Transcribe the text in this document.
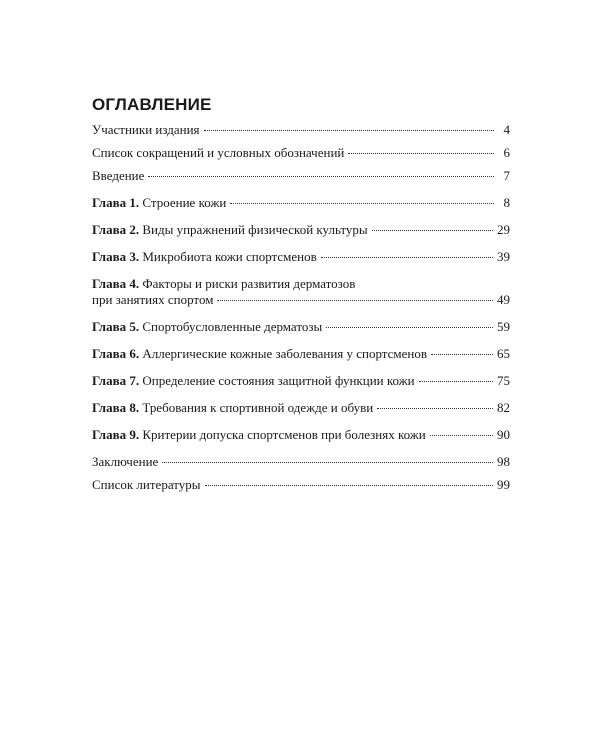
ОГЛАВЛЕНИЕ
Участники издания	4
Список сокращений и условных обозначений	6
Введение	7
Глава 1. Строение кожи	8
Глава 2. Виды упражнений физической культуры	29
Глава 3. Микробиота кожи спортсменов	39
Глава 4. Факторы и риски развития дерматозов
при занятиях спортом	49
Глава 5. Спортобусловленные дерматозы	59
Глава 6. Аллергические кожные заболевания у спортсменов	65
Глава 7. Определение состояния защитной функции кожи	75
Глава 8. Требования к спортивной одежде и обуви	82
Глава 9. Критерии допуска спортсменов при болезнях кожи	90
Заключение	98
Список литературы	99
